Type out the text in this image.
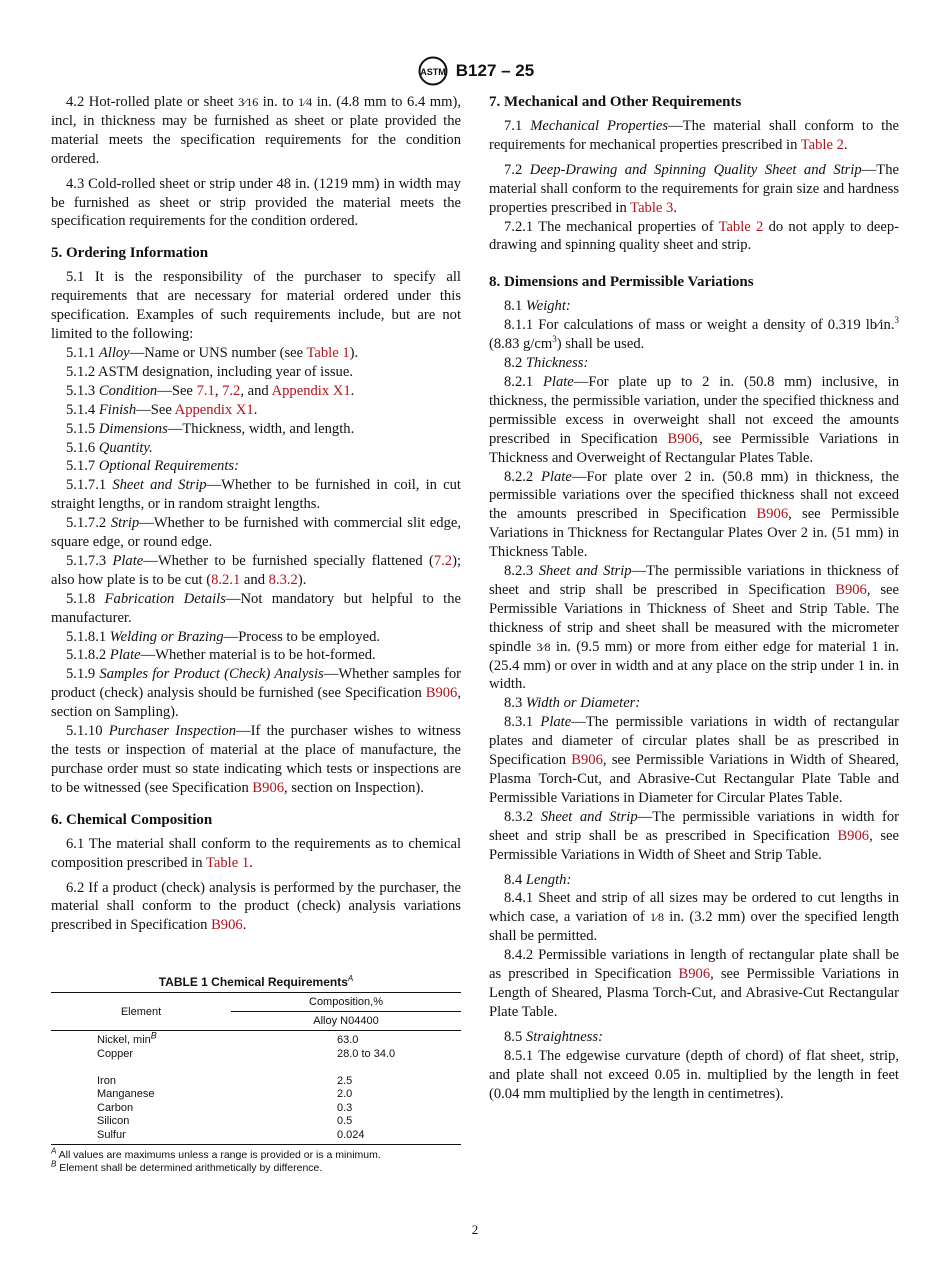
ASTM B127 – 25

4.2 Hot-rolled plate or sheet 3⁄16 in. to 1⁄4 in. (4.8 mm to 6.4 mm), incl, in thickness may be furnished as sheet or plate provided the material meets the specification requirements for the condition ordered.

4.3 Cold-rolled sheet or strip under 48 in. (1219 mm) in width may be furnished as sheet or strip provided the material meets the specification requirements for the condition ordered.

5. Ordering Information

5.1 It is the responsibility of the purchaser to specify all requirements that are necessary for material ordered under this specification. Examples of such requirements include, but are not limited to the following:

5.1.1 Alloy—Name or UNS number (see Table 1).

5.1.2 ASTM designation, including year of issue.

5.1.3 Condition—See 7.1, 7.2, and Appendix X1.

5.1.4 Finish—See Appendix X1.

5.1.5 Dimensions—Thickness, width, and length.

5.1.6 Quantity.

5.1.7 Optional Requirements:

5.1.7.1 Sheet and Strip—Whether to be furnished in coil, in cut straight lengths, or in random straight lengths.

5.1.7.2 Strip—Whether to be furnished with commercial slit edge, square edge, or round edge.

5.1.7.3 Plate—Whether to be furnished specially flattened (7.2); also how plate is to be cut (8.2.1 and 8.3.2).

5.1.8 Fabrication Details—Not mandatory but helpful to the manufacturer.

5.1.8.1 Welding or Brazing—Process to be employed.

5.1.8.2 Plate—Whether material is to be hot-formed.

5.1.9 Samples for Product (Check) Analysis—Whether samples for product (check) analysis should be furnished (see Specification B906, section on Sampling).

5.1.10 Purchaser Inspection—If the purchaser wishes to witness the tests or inspection of material at the place of manufacture, the purchase order must so state indicating which tests or inspections are to be witnessed (see Specification B906, section on Inspection).

6. Chemical Composition

6.1 The material shall conform to the requirements as to chemical composition prescribed in Table 1.

6.2 If a product (check) analysis is performed by the purchaser, the material shall conform to the product (check) analysis variations prescribed in Specification B906.

TABLE 1 Chemical Requirements$^A$
Element	Composition,%
	Alloy N04400
Nickel, $\min^B$	63.0
Copper	28.0 to 34.0

Iron	2.5
Manganese	2.0
Carbon	0.3
Silicon	0.5
Sulfur	0.024
$^A$ All values are maximums unless a range is provided or is a minimum.
$^B$ Element shall be determined arithmetically by difference.
7. Mechanical and Other Requirements

7.1 Mechanical Properties—The material shall conform to the requirements for mechanical properties prescribed in Table 2.

7.2 Deep-Drawing and Spinning Quality Sheet and Strip—The material shall conform to the requirements for grain size and hardness properties prescribed in Table 3.

7.2.1 The mechanical properties of Table 2 do not apply to deep-drawing and spinning quality sheet and strip.

8. Dimensions and Permissible Variations

8.1 Weight:

8.1.1 For calculations of mass or weight a density of 0.319 lb⁄in.$^3$ (8.83 $g/cm^3$) shall be used.

8.2 Thickness:

8.2.1 Plate—For plate up to 2 in. (50.8 mm) inclusive, in thickness, the permissible variation, under the specified thickness and permissible excess in overweight shall not exceed the amounts prescribed in Specification B906, see Permissible Variations in Thickness and Overweight of Rectangular Plates Table.

8.2.2 Plate—For plate over 2 in. (50.8 mm) in thickness, the permissible variations over the specified thickness shall not exceed the amounts prescribed in Specification B906, see Permissible Variations in Thickness for Rectangular Plates Over 2 in. (51 mm) in Thickness Table.

8.2.3 Sheet and Strip—The permissible variations in thickness of sheet and strip shall be prescribed in Specification B906, see Permissible Variations in Thickness of Sheet and Strip Table. The thickness of strip and sheet shall be measured with the micrometer spindle 3⁄8 in. (9.5 mm) or more from either edge for material 1 in. (25.4 mm) or over in width and at any place on the strip under 1 in. in width.

8.3 Width or Diameter:

8.3.1 Plate—The permissible variations in width of rectangular plates and diameter of circular plates shall be as prescribed in Specification B906, see Permissible Variations in Width of Sheared, Plasma Torch-Cut, and Abrasive-Cut Rectangular Plate Table and Permissible Variations in Diameter for Circular Plates Table.

8.3.2 Sheet and Strip—The permissible variations in width for sheet and strip shall be as prescribed in Specification B906, see Permissible Variations in Width of Sheet and Strip Table.

8.4 Length:

8.4.1 Sheet and strip of all sizes may be ordered to cut lengths in which case, a variation of 1⁄8 in. (3.2 mm) over the specified length shall be permitted.

8.4.2 Permissible variations in length of rectangular plate shall be as prescribed in Specification B906, see Permissible Variations in Length of Sheared, Plasma Torch-Cut, and Abrasive-Cut Rectangular Plate Table.

8.5 Straightness:

8.5.1 The edgewise curvature (depth of chord) of flat sheet, strip, and plate shall not exceed 0.05 in. multiplied by the length in feet (0.04 mm multiplied by the length in centimetres).

2
